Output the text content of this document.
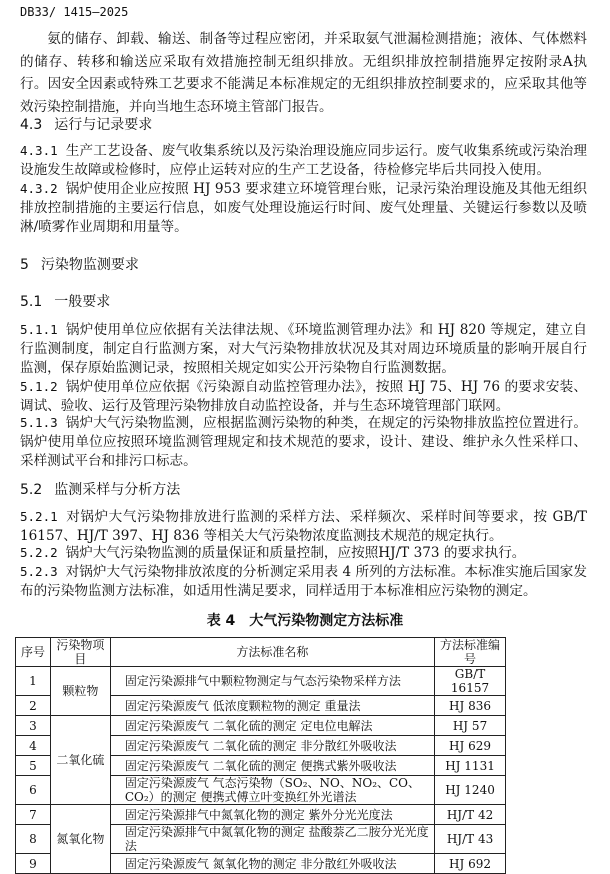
DB33/ 1415—2025
氨的储存、卸载、输送、制备等过程应密闭，并采取氨气泄漏检测措施；液体、气体燃料的储存、转移和输送应采取有效措施控制无组织排放。无组织排放控制措施界定按附录A执行。因安全因素或特殊工艺要求不能满足本标准规定的无组织排放控制要求的，应采取其他等效污染控制措施，并向当地生态环境主管部门报告。
4.3 运行与记录要求
4.3.1 生产工艺设备、废气收集系统以及污染治理设施应同步运行。废气收集系统或污染治理设施发生故障或检修时，应停止运转对应的生产工艺设备，待检修完毕后共同投入使用。
4.3.2 锅炉使用企业应按照 HJ 953 要求建立环境管理台账，记录污染治理设施及其他无组织排放控制措施的主要运行信息，如废气处理设施运行时间、废气处理量、关键运行参数以及喷淋/喷雾作业周期和用量等。
5 污染物监测要求
5.1 一般要求
5.1.1 锅炉使用单位应依据有关法律法规、《环境监测管理办法》和 HJ 820 等规定，建立自行监测制度，制定自行监测方案，对大气污染物排放状况及其对周边环境质量的影响开展自行监测，保存原始监测记录，按照相关规定如实公开污染物自行监测数据。
5.1.2 锅炉使用单位应依据《污染源自动监控管理办法》，按照 HJ 75、HJ 76 的要求安装、调试、验收、运行及管理污染物排放自动监控设备，并与生态环境管理部门联网。
5.1.3 锅炉大气污染物监测，应根据监测污染物的种类，在规定的污染物排放监控位置进行。锅炉使用单位应按照环境监测管理规定和技术规范的要求，设计、建设、维护永久性采样口、采样测试平台和排污口标志。
5.2 监测采样与分析方法
5.2.1 对锅炉大气污染物排放进行监测的采样方法、采样频次、采样时间等要求，按 GB/T 16157、HJ/T 397、HJ 836 等相关大气污染物浓度监测技术规范的规定执行。
5.2.2 锅炉大气污染物监测的质量保证和质量控制，应按照HJ/T 373 的要求执行。
5.2.3 对锅炉大气污染物排放浓度的分析测定采用表 4 所列的方法标准。本标准实施后国家发布的污染物监测方法标准，如适用性满足要求，同样适用于本标准相应污染物的测定。
表 4　大气污染物测定方法标准
序号	污染物项目	方法标准名称	方法标准编号
1	颗粒物	固定污染源排气中颗粒物测定与气态污染物采样方法	GB/T 16157
2		固定污染源废气 低浓度颗粒物的测定 重量法	HJ 836
3	二氧化硫	固定污染源废气 二氧化硫的测定 定电位电解法	HJ 57
4		固定污染源废气 二氧化硫的测定 非分散红外吸收法	HJ 629
5		固定污染源废气 二氧化硫的测定 便携式紫外吸收法	HJ 1131
6		固定污染源废气 气态污染物（SO₂、NO、NO₂、CO、CO₂）的测定 便携式傅立叶变换红外光谱法	HJ 1240
7	氮氧化物	固定污染源排气中氮氧化物的测定 紫外分光光度法	HJ/T 42
8		固定污染源排气中氮氧化物的测定 盐酸萘乙二胺分光光度法	HJ/T 43
9		固定污染源废气 氮氧化物的测定 非分散红外吸收法	HJ 692
